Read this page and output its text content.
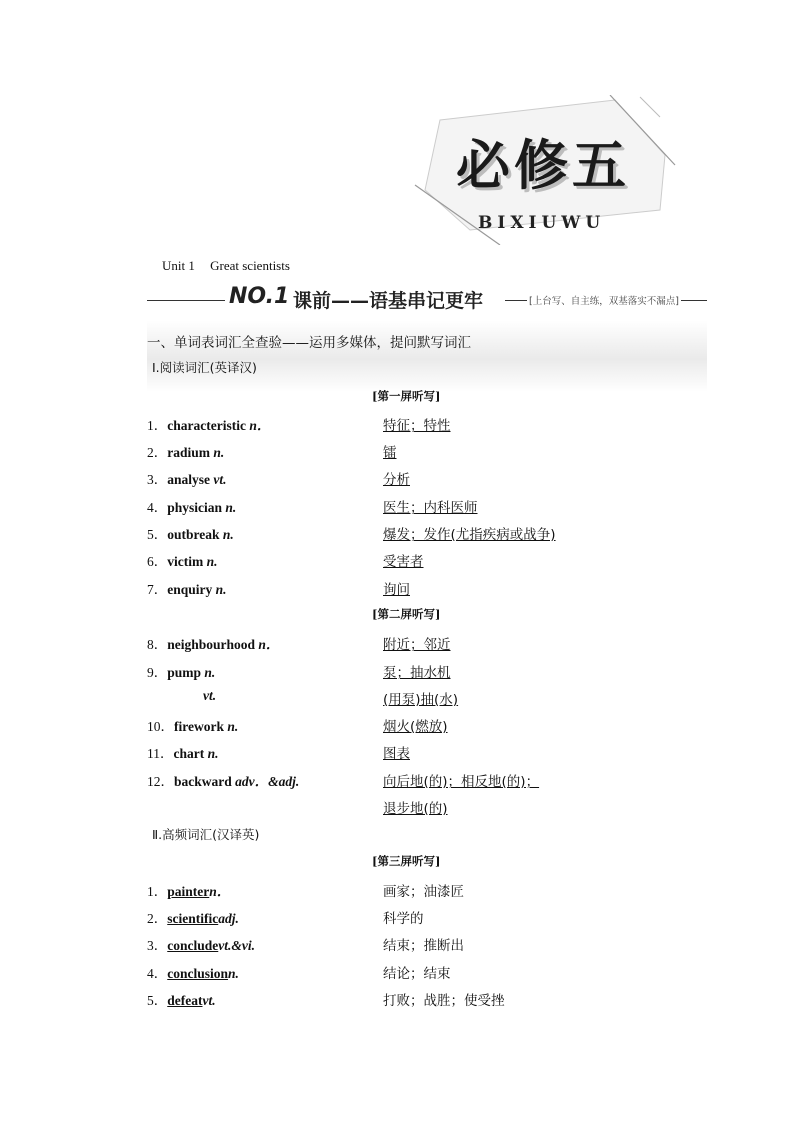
必修五
BIXIUWU
Unit 1 Great scientists
NO.1 课前——语基串记更牢	[上台写、自主练，双基落实不漏点]
一、单词表词汇全查验——运用多媒体，提问默写词汇
Ⅰ.阅读词汇(英译汉)
[第一屏听写]
1．characteristic n．	特征；特性
2．radium n.	镭
3．analyse vt.	分析
4．physician n.	医生；内科医师
5．outbreak n.	爆发；发作(尤指疾病或战争)
6．victim n.	受害者
7．enquiry n.	询问
8．neighbourhood n．	附近；邻近
9．pump n.	泵；抽水机
vt.	(用泵)抽(水)
10．firework n.	烟火(燃放)
11．chart n.	图表
12．backward adv．&adj.	向后地(的)；相反地(的)；
退步地(的)
[第二屏听写]
Ⅱ.高频词汇(汉译英)
[第三屏听写]
1．paintern．	画家；油漆匠
2．scientificadj.	科学的
3．concludevt.&vi.	结束；推断出
4．conclusionn.	结论；结束
5．defeatvt.	打败；战胜；使受挫
